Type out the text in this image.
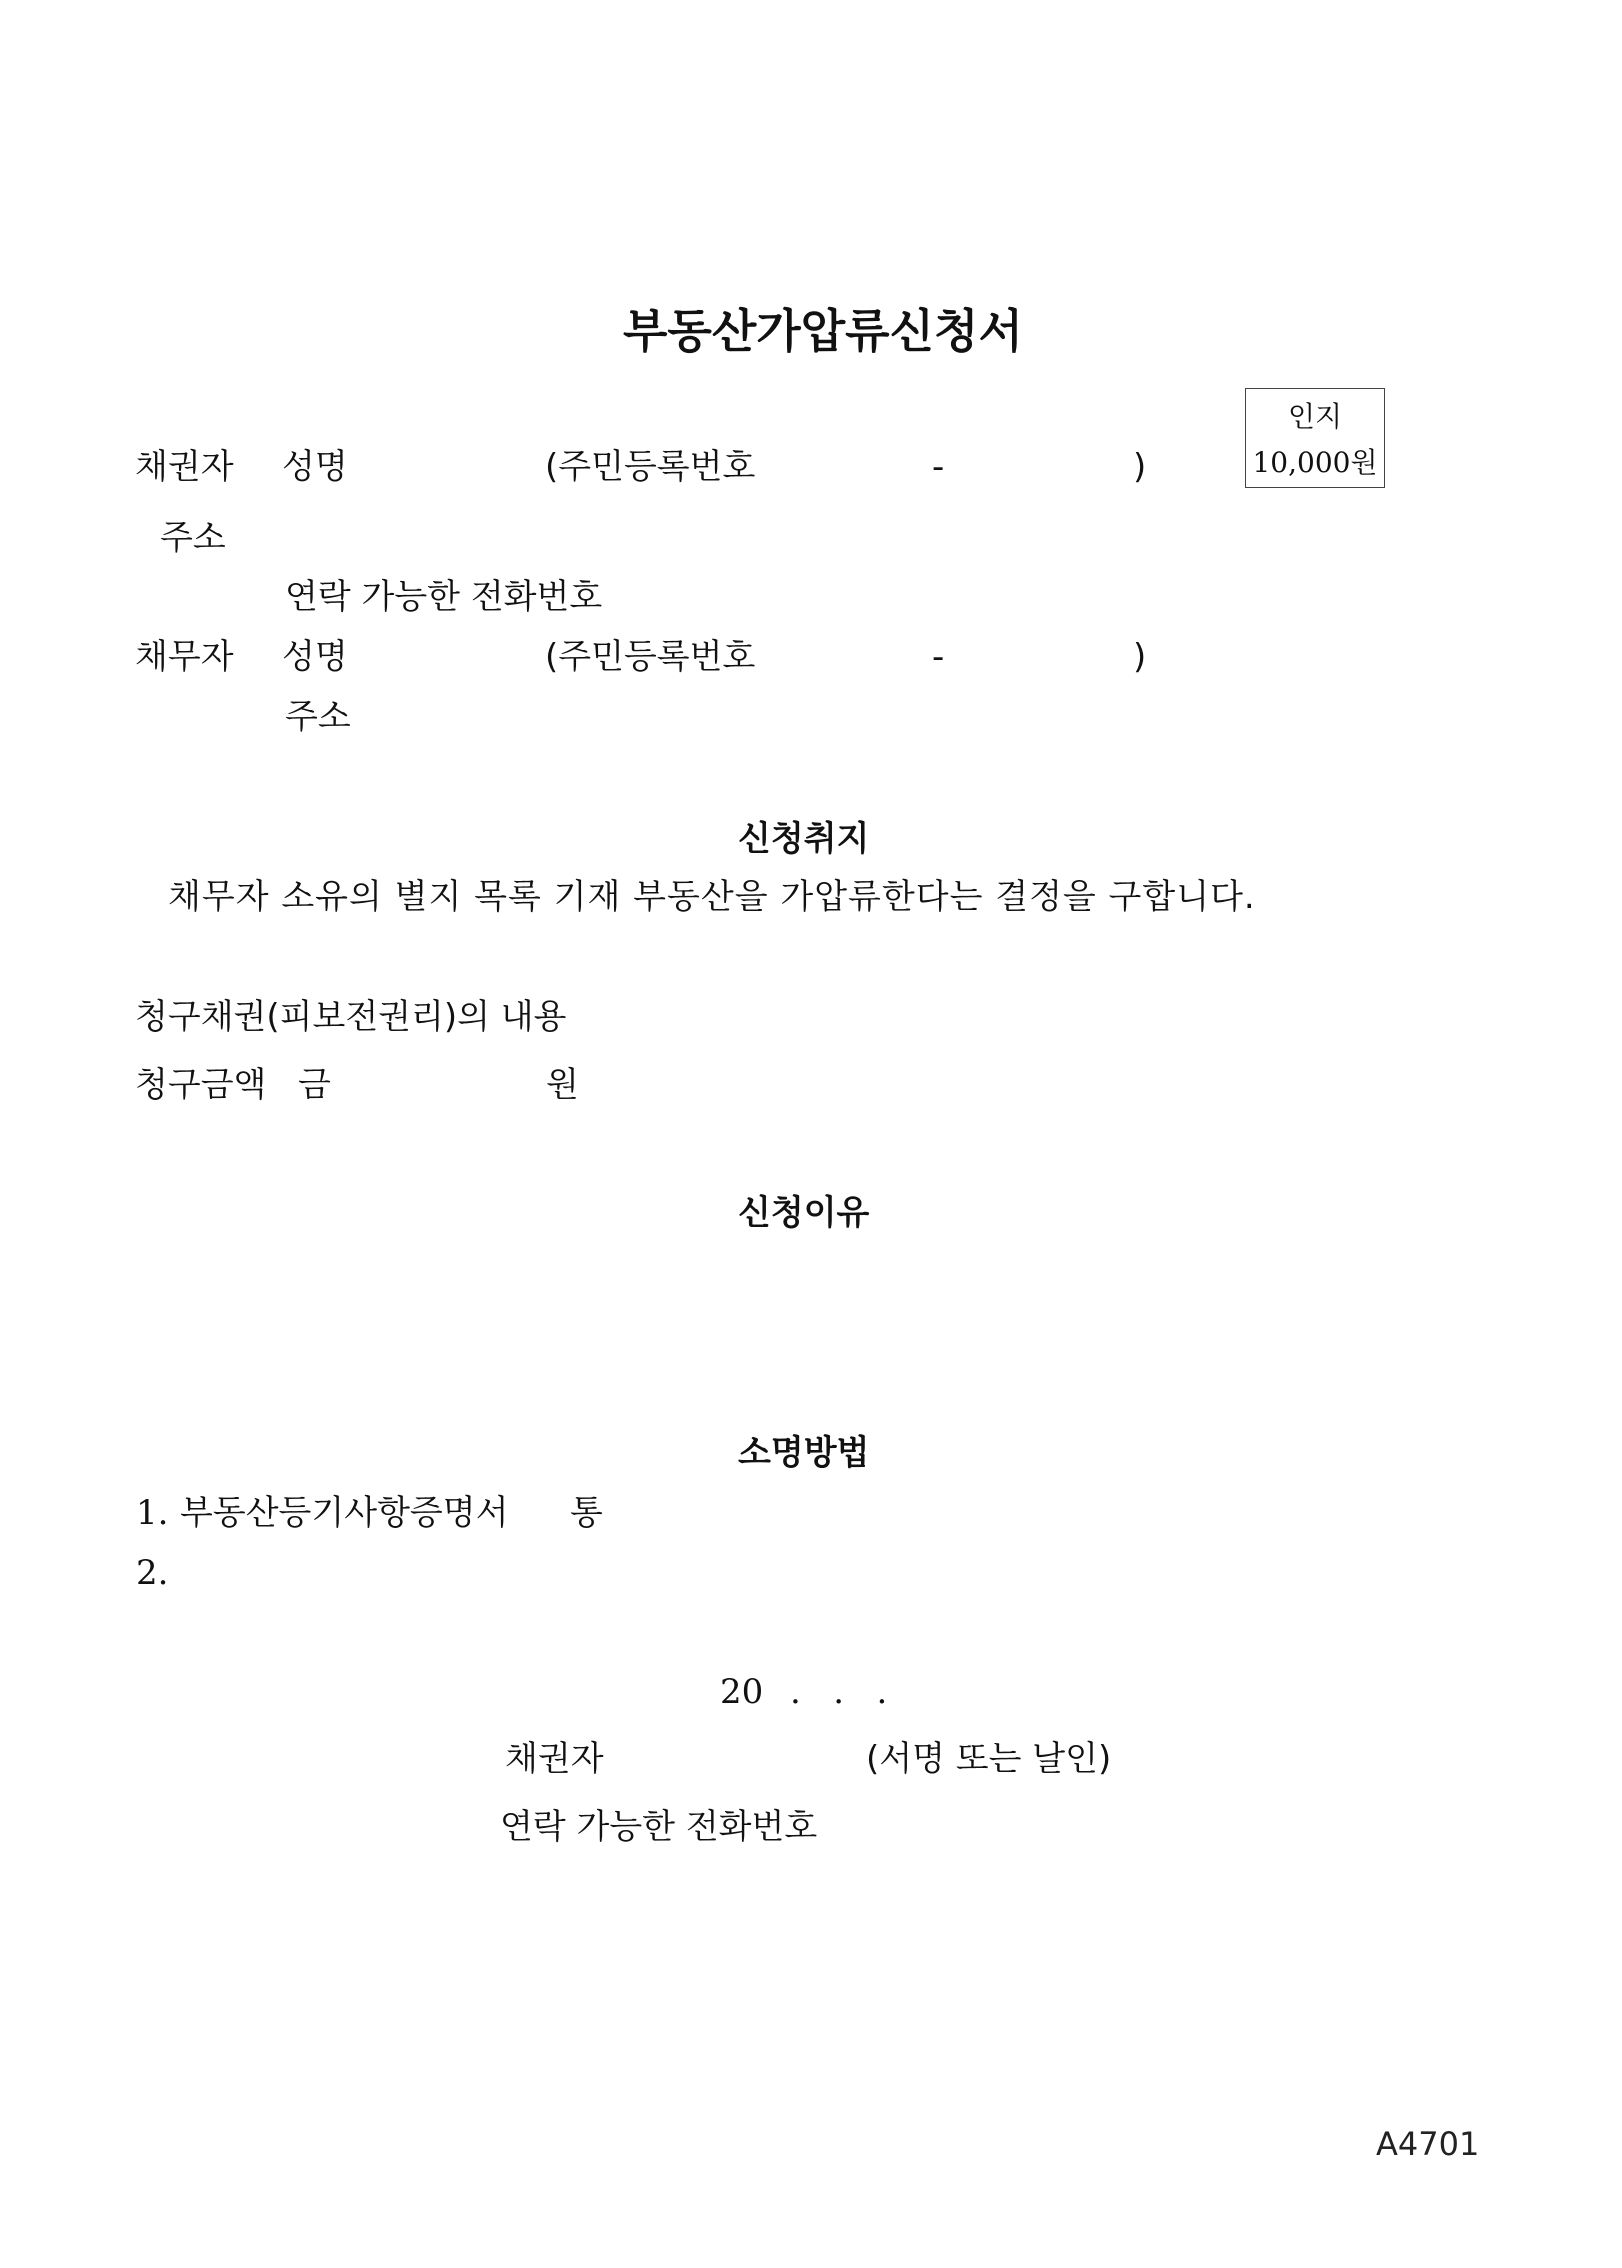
부동산가압류신청서
인지
10,000원
채권자 성명	(주민등록번호	-	)
주소
연락 가능한 전화번호
채무자 성명	(주민등록번호	-	)
주소
신청취지
채무자 소유의 별지 목록 기재 부동산을 가압류한다는 결정을 구합니다.
청구채권(피보전권리)의 내용
청구금액 금	원
신청이유
소명방법
1. 부동산등기사항증명서 통
2.
20 .   .   .
채권자	(서명 또는 날인)
연락 가능한 전화번호
A4701
